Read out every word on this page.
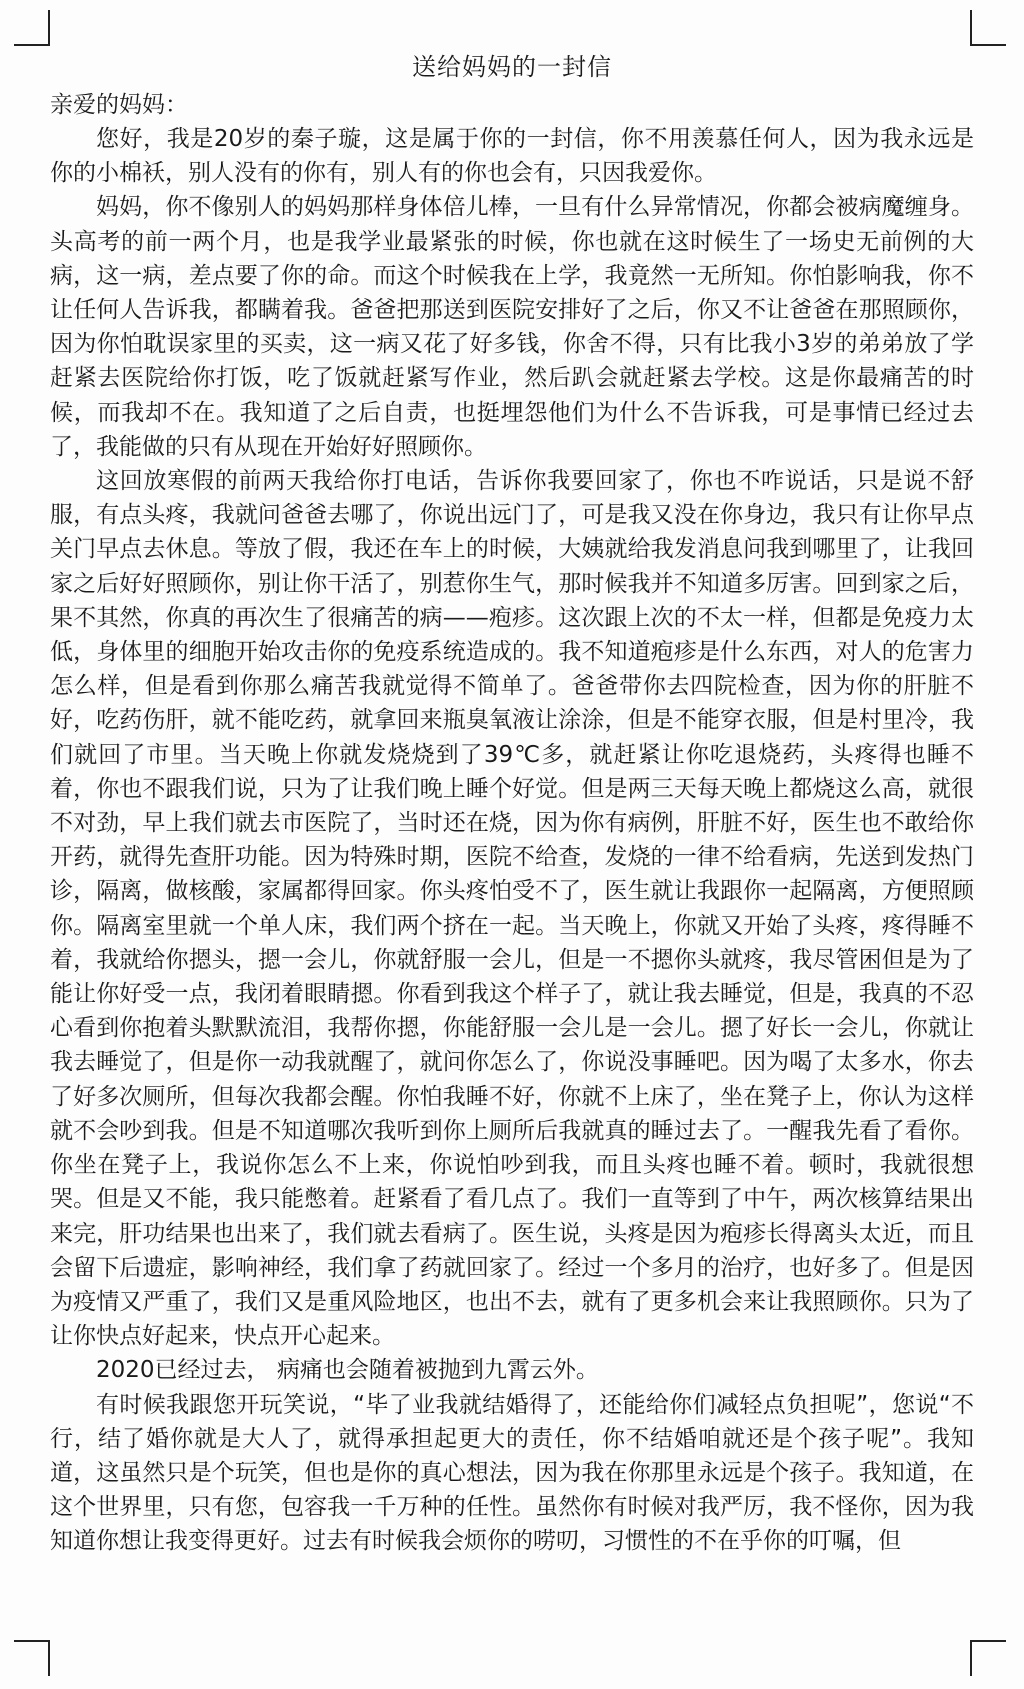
送给妈妈的一封信
亲爱的妈妈：

您好，我是20岁的秦子璇，这是属于你的一封信，你不用羡慕任何人，因为我永远是你的小棉袄，别人没有的你有，别人有的你也会有，只因我爱你。

妈妈，你不像别人的妈妈那样身体倍儿棒，一旦有什么异常情况，你都会被病魔缠身。头高考的前一两个月，也是我学业最紧张的时候，你也就在这时候生了一场史无前例的大病，这一病，差点要了你的命。而这个时候我在上学，我竟然一无所知。你怕影响我，你不让任何人告诉我，都瞒着我。爸爸把那送到医院安排好了之后，你又不让爸爸在那照顾你，因为你怕耽误家里的买卖，这一病又花了好多钱，你舍不得，只有比我小3岁的弟弟放了学赶紧去医院给你打饭，吃了饭就赶紧写作业，然后趴会就赶紧去学校。这是你最痛苦的时候，而我却不在。我知道了之后自责，也挺埋怨他们为什么不告诉我，可是事情已经过去了，我能做的只有从现在开始好好照顾你。

这回放寒假的前两天我给你打电话，告诉你我要回家了，你也不咋说话，只是说不舒服，有点头疼，我就问爸爸去哪了，你说出远门了，可是我又没在你身边，我只有让你早点关门早点去休息。等放了假，我还在车上的时候，大姨就给我发消息问我到哪里了，让我回家之后好好照顾你，别让你干活了，别惹你生气，那时候我并不知道多厉害。回到家之后，果不其然，你真的再次生了很痛苦的病——疱疹。这次跟上次的不太一样，但都是免疫力太低，身体里的细胞开始攻击你的免疫系统造成的。我不知道疱疹是什么东西，对人的危害力怎么样，但是看到你那么痛苦我就觉得不简单了。爸爸带你去四院检查，因为你的肝脏不好，吃药伤肝，就不能吃药，就拿回来瓶臭氧液让涂涂，但是不能穿衣服，但是村里冷，我们就回了市里。当天晚上你就发烧烧到了39℃多，就赶紧让你吃退烧药，头疼得也睡不着，你也不跟我们说，只为了让我们晚上睡个好觉。但是两三天每天晚上都烧这么高，就很不对劲，早上我们就去市医院了，当时还在烧，因为你有病例，肝脏不好，医生也不敢给你开药，就得先查肝功能。因为特殊时期，医院不给查，发烧的一律不给看病，先送到发热门诊，隔离，做核酸，家属都得回家。你头疼怕受不了，医生就让我跟你一起隔离，方便照顾你。隔离室里就一个单人床，我们两个挤在一起。当天晚上，你就又开始了头疼，疼得睡不着，我就给你摁头，摁一会儿，你就舒服一会儿，但是一不摁你头就疼，我尽管困但是为了能让你好受一点，我闭着眼睛摁。你看到我这个样子了，就让我去睡觉，但是，我真的不忍心看到你抱着头默默流泪，我帮你摁，你能舒服一会儿是一会儿。摁了好长一会儿，你就让我去睡觉了，但是你一动我就醒了，就问你怎么了，你说没事睡吧。因为喝了太多水，你去了好多次厕所，但每次我都会醒。你怕我睡不好，你就不上床了，坐在凳子上，你认为这样就不会吵到我。但是不知道哪次我听到你上厕所后我就真的睡过去了。一醒我先看了看你。你坐在凳子上，我说你怎么不上来，你说怕吵到我，而且头疼也睡不着。顿时，我就很想哭。但是又不能，我只能憋着。赶紧看了看几点了。我们一直等到了中午，两次核算结果出来完，肝功结果也出来了，我们就去看病了。医生说，头疼是因为疱疹长得离头太近，而且会留下后遗症，影响神经，我们拿了药就回家了。经过一个多月的治疗，也好多了。但是因为疫情又严重了，我们又是重风险地区，也出不去，就有了更多机会来让我照顾你。只为了让你快点好起来，快点开心起来。

2020已经过去， 病痛也会随着被抛到九霄云外。

有时候我跟您开玩笑说，“毕了业我就结婚得了，还能给你们减轻点负担呢”，您说“不行，结了婚你就是大人了，就得承担起更大的责任，你不结婚咱就还是个孩子呢”。我知道，这虽然只是个玩笑，但也是你的真心想法，因为我在你那里永远是个孩子。我知道，在这个世界里，只有您，包容我一千万种的任性。虽然你有时候对我严厉，我不怪你，因为我知道你想让我变得更好。过去有时候我会烦你的唠叨，习惯性的不在乎你的叮嘱，但
